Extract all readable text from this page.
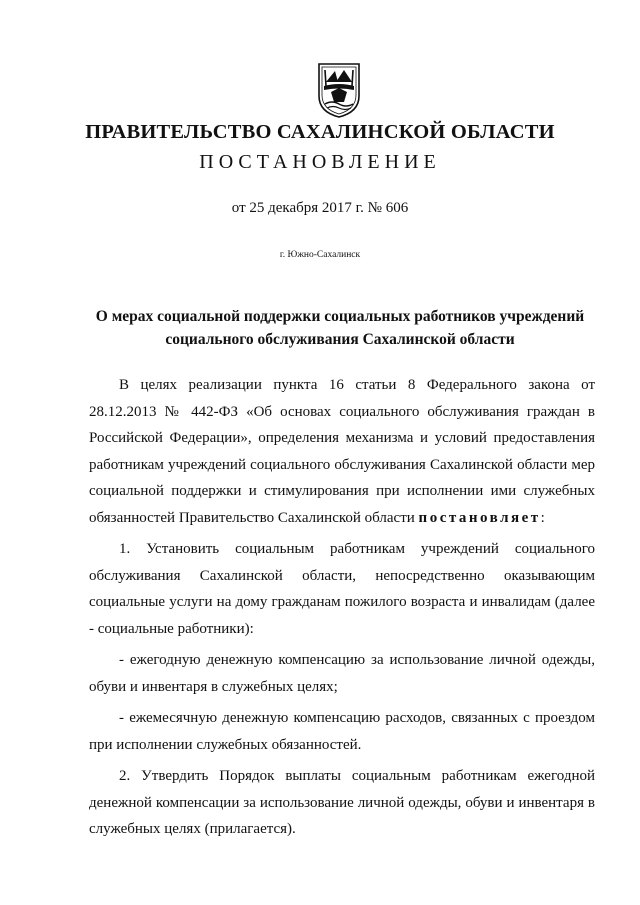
ПРАВИТЕЛЬСТВО САХАЛИНСКОЙ ОБЛАСТИ
ПОСТАНОВЛЕНИЕ
от 25 декабря 2017 г. № 606
г. Южно-Сахалинск
О мерах социальной поддержки социальных работников учреждений
социального обслуживания Сахалинской области

В целях реализации пункта 16 статьи 8 Федерального закона от 28.12.2013 № 442-ФЗ «Об основах социального обслуживания граждан в Российской Федерации», определения механизма и условий предоставления работникам учреждений социального обслуживания Сахалинской области мер социальной поддержки и стимулирования при исполнении ими служебных обязанностей Правительство Сахалинской области постановляет:

1. Установить социальным работникам учреждений социального обслуживания Сахалинской области, непосредственно оказывающим социальные услуги на дому гражданам пожилого возраста и инвалидам (далее - социальные работники):

- ежегодную денежную компенсацию за использование личной одежды, обуви и инвентаря в служебных целях;

- ежемесячную денежную компенсацию расходов, связанных с проездом при исполнении служебных обязанностей.

2. Утвердить Порядок выплаты социальным работникам ежегодной денежной компенсации за использование личной одежды, обуви и инвентаря в служебных целях (прилагается).
